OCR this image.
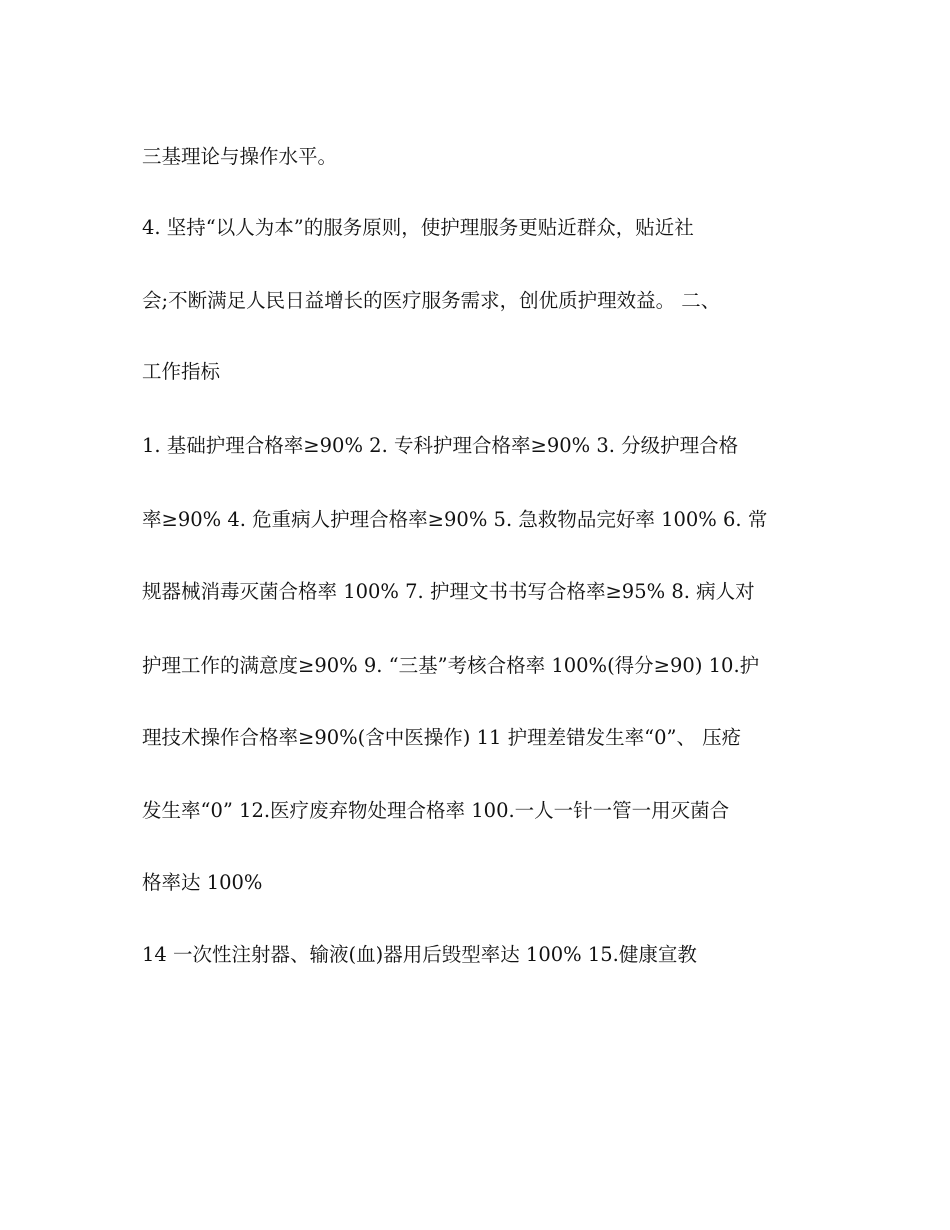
三基理论与操作水平。
4. 坚持“以人为本”的服务原则，使护理服务更贴近群众，贴近社
会;不断满足人民日益增长的医疗服务需求，创优质护理效益。 二、
工作指标
1. 基础护理合格率≥90% 2. 专科护理合格率≥90% 3. 分级护理合格
率≥90% 4. 危重病人护理合格率≥90% 5. 急救物品完好率 100% 6. 常
规器械消毒灭菌合格率 100% 7. 护理文书书写合格率≥95% 8. 病人对
护理工作的满意度≥90% 9. “三基”考核合格率 100%(得分≥90) 10.护
理技术操作合格率≥90%(含中医操作) 11 护理差错发生率“0”、 压疮
发生率“0” 12.医疗废弃物处理合格率 100.一人一针一管一用灭菌合
格率达 100%
14 一次性注射器、输液(血)器用后毁型率达 100% 15.健康宣教
